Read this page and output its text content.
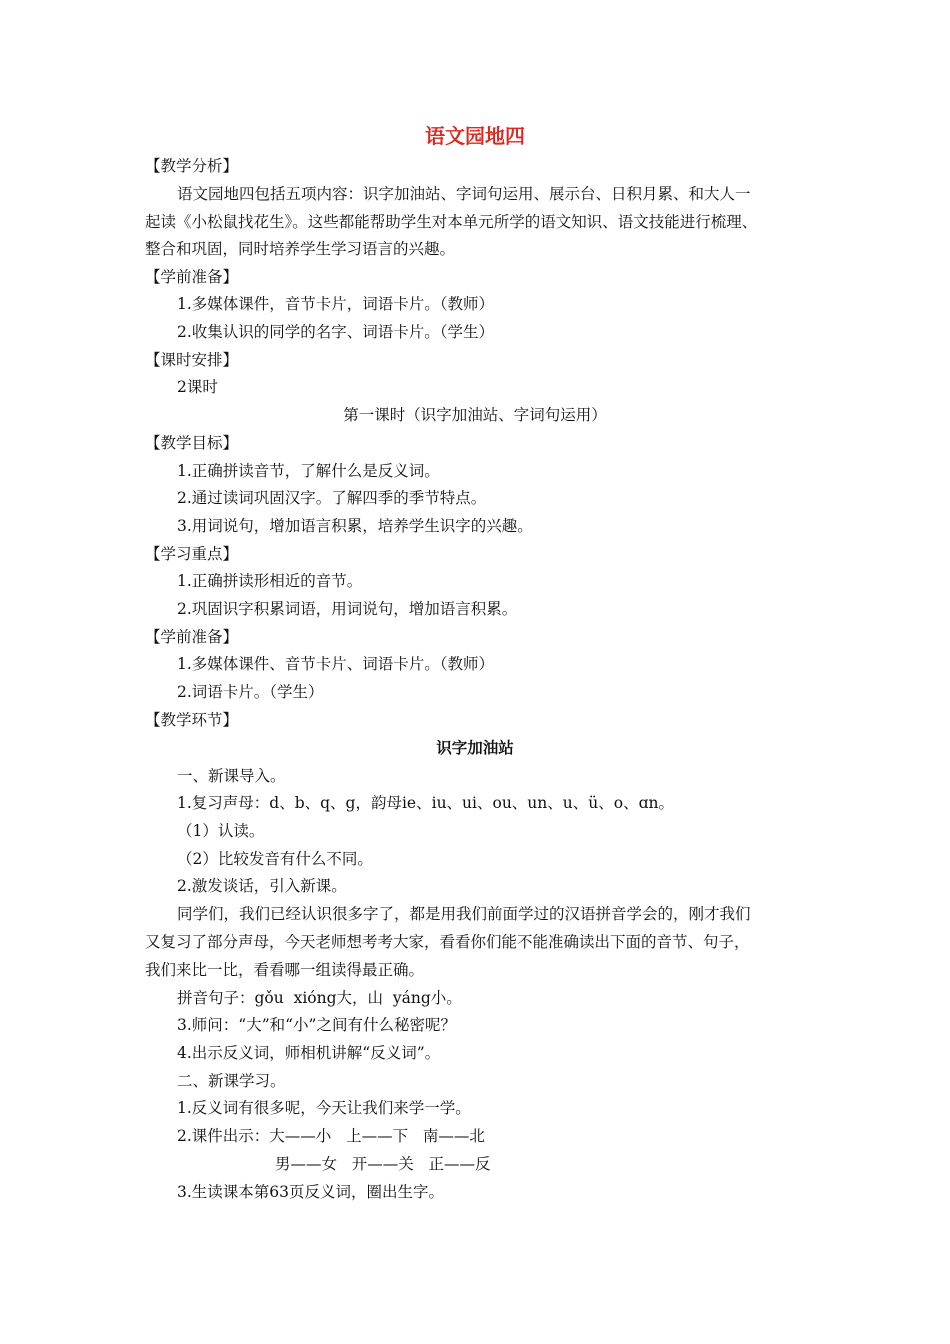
语文园地四
【教学分析】
语文园地四包括五项内容：识字加油站、字词句运用、展示台、日积月累、和大人一
起读《小松鼠找花生》。这些都能帮助学生对本单元所学的语文知识、语文技能进行梳理、
整合和巩固，同时培养学生学习语言的兴趣。
【学前准备】
1.多媒体课件，音节卡片，词语卡片。（教师）
2.收集认识的同学的名字、词语卡片。（学生）
【课时安排】
2课时
第一课时（识字加油站、字词句运用）
【教学目标】
1.正确拼读音节，了解什么是反义词。
2.通过读词巩固汉字。了解四季的季节特点。
3.用词说句，增加语言积累，培养学生识字的兴趣。
【学习重点】
1.正确拼读形相近的音节。
2.巩固识字积累词语，用词说句，增加语言积累。
【学前准备】
1.多媒体课件、音节卡片、词语卡片。（教师）
2.词语卡片。（学生）
【教学环节】
识字加油站
一、新课导入。
1.复习声母：d、b、q、g，韵母ie、iu、ui、ou、un、u、ü、o、ɑn。
（1）认读。
（2）比较发音有什么不同。
2.激发谈话，引入新课。
同学们，我们已经认识很多字了，都是用我们前面学过的汉语拼音学会的，刚才我们
又复习了部分声母，今天老师想考考大家，看看你们能不能准确读出下面的音节、句子，
我们来比一比，看看哪一组读得最正确。
拼音句子：gǒu  xióng大，山  yáng小。
3.师问：“大”和“小”之间有什么秘密呢？
4.出示反义词，师相机讲解“反义词”。
二、新课学习。
1.反义词有很多呢，今天让我们来学一学。
2.课件出示：大——小   上——下   南——北
男——女   开——关   正——反
3.生读课本第63页反义词，圈出生字。
